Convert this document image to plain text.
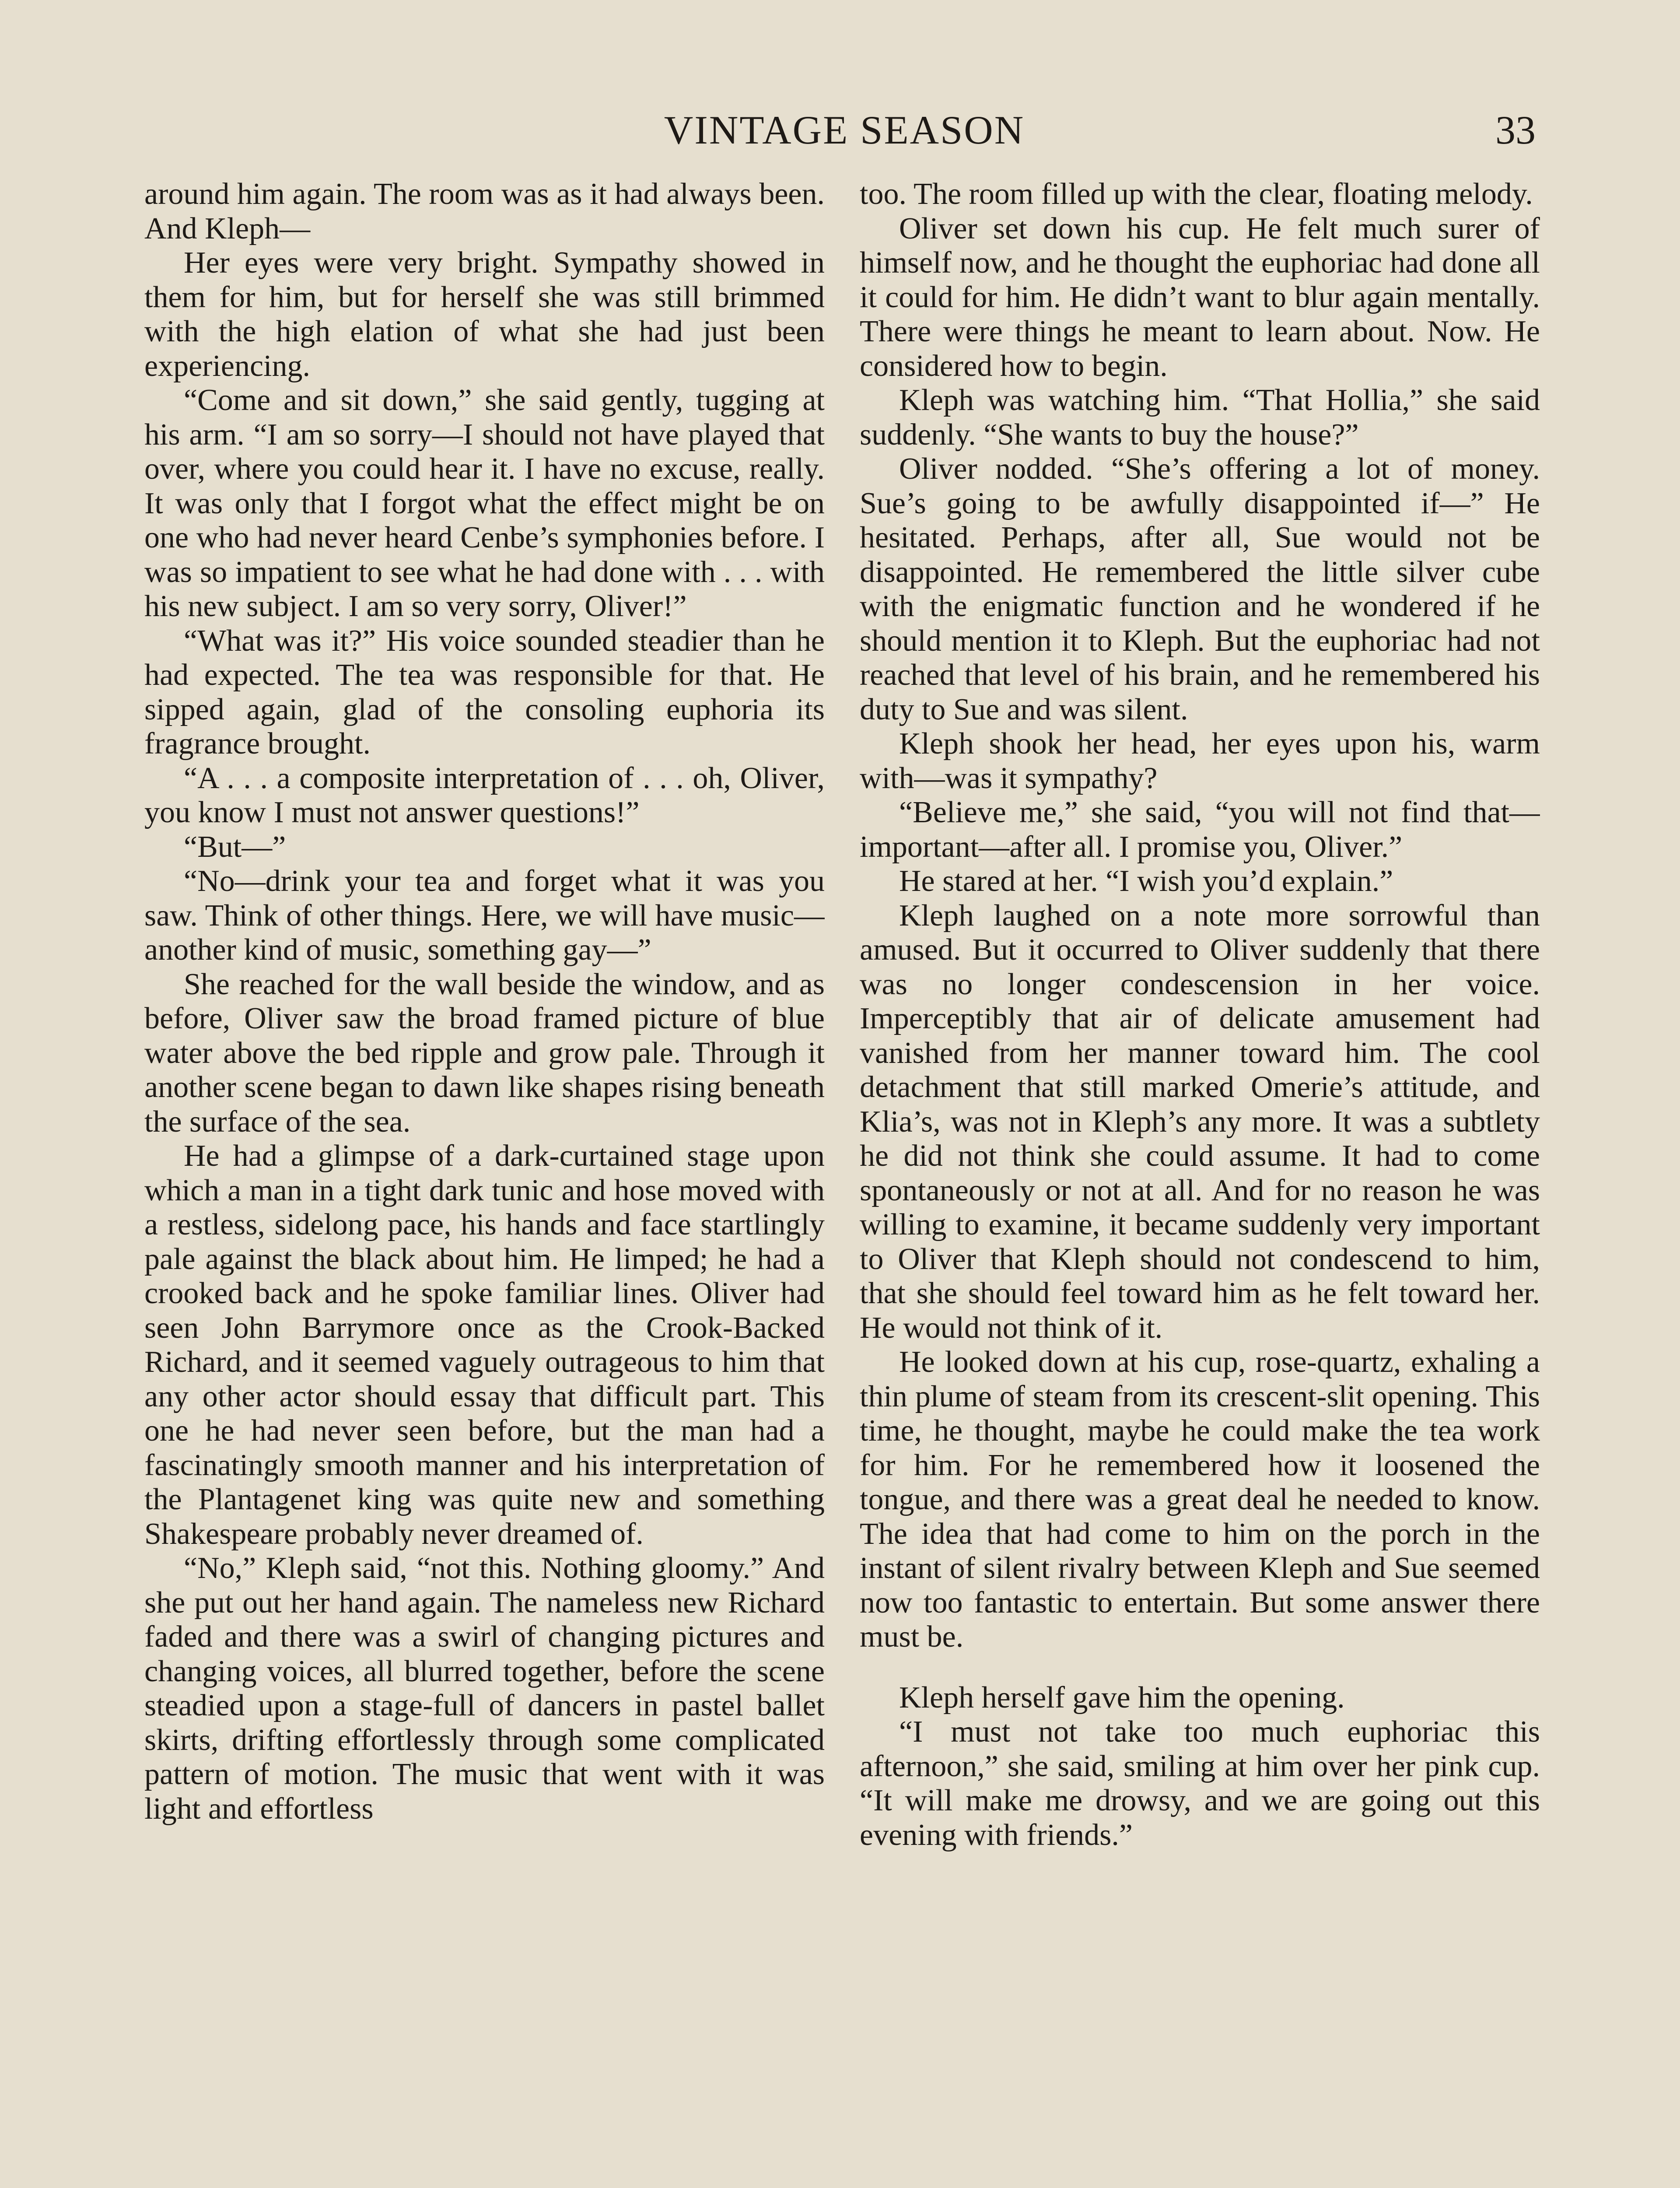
VINTAGE SEASON	33

around him again. The room was as it had always been. And Kleph—

Her eyes were very bright. Sympathy showed in them for him, but for herself she was still brimmed with the high elation of what she had just been experiencing.

“Come and sit down,” she said gently, tugging at his arm. “I am so sorry—I should not have played that over, where you could hear it. I have no excuse, really. It was only that I forgot what the effect might be on one who had never heard Cenbe’s symphonies before. I was so impatient to see what he had done with . . . with his new subject. I am so very sorry, Oliver!”

“What was it?” His voice sounded steadier than he had expected. The tea was responsible for that. He sipped again, glad of the consoling euphoria its fragrance brought.

“A . . . a composite interpretation of . . . oh, Oliver, you know I must not answer questions!”

“But—”

“No—drink your tea and forget what it was you saw. Think of other things. Here, we will have music—another kind of music, something gay—”

She reached for the wall beside the window, and as before, Oliver saw the broad framed picture of blue water above the bed ripple and grow pale. Through it another scene began to dawn like shapes rising beneath the surface of the sea.

He had a glimpse of a dark-curtained stage upon which a man in a tight dark tunic and hose moved with a restless, sidelong pace, his hands and face startlingly pale against the black about him. He limped; he had a crooked back and he spoke familiar lines. Oliver had seen John Barrymore once as the Crook-Backed Richard, and it seemed vaguely outrageous to him that any other actor should essay that difficult part. This one he had never seen before, but the man had a fascinatingly smooth manner and his interpretation of the Plantagenet king was quite new and something Shakespeare probably never dreamed of.

“No,” Kleph said, “not this. Nothing gloomy.” And she put out her hand again. The nameless new Richard faded and there was a swirl of changing pictures and changing voices, all blurred together, before the scene steadied upon a stage-full of dancers in pastel ballet skirts, drifting effortlessly through some complicated pattern of motion. The music that went with it was light and effortless

too. The room filled up with the clear, floating melody.

Oliver set down his cup. He felt much surer of himself now, and he thought the euphoriac had done all it could for him. He didn’t want to blur again mentally. There were things he meant to learn about. Now. He considered how to begin.

Kleph was watching him. “That Hollia,” she said suddenly. “She wants to buy the house?”

Oliver nodded. “She’s offering a lot of money. Sue’s going to be awfully disappointed if—” He hesitated. Perhaps, after all, Sue would not be disappointed. He remembered the little silver cube with the enigmatic function and he wondered if he should mention it to Kleph. But the euphoriac had not reached that level of his brain, and he remembered his duty to Sue and was silent.

Kleph shook her head, her eyes upon his, warm with—was it sympathy?

“Believe me,” she said, “you will not find that—important—after all. I promise you, Oliver.”

He stared at her. “I wish you’d explain.”

Kleph laughed on a note more sorrowful than amused. But it occurred to Oliver suddenly that there was no longer condescension in her voice. Imperceptibly that air of delicate amusement had vanished from her manner toward him. The cool detachment that still marked Omerie’s attitude, and Klia’s, was not in Kleph’s any more. It was a subtlety he did not think she could assume. It had to come spontaneously or not at all. And for no reason he was willing to examine, it became suddenly very important to Oliver that Kleph should not condescend to him, that she should feel toward him as he felt toward her. He would not think of it.

He looked down at his cup, rose-quartz, exhaling a thin plume of steam from its crescent-slit opening. This time, he thought, maybe he could make the tea work for him. For he remembered how it loosened the tongue, and there was a great deal he needed to know. The idea that had come to him on the porch in the instant of silent rivalry between Kleph and Sue seemed now too fantastic to entertain. But some answer there must be.

Kleph herself gave him the opening.

“I must not take too much euphoriac this afternoon,” she said, smiling at him over her pink cup. “It will make me drowsy, and we are going out this evening with friends.”
